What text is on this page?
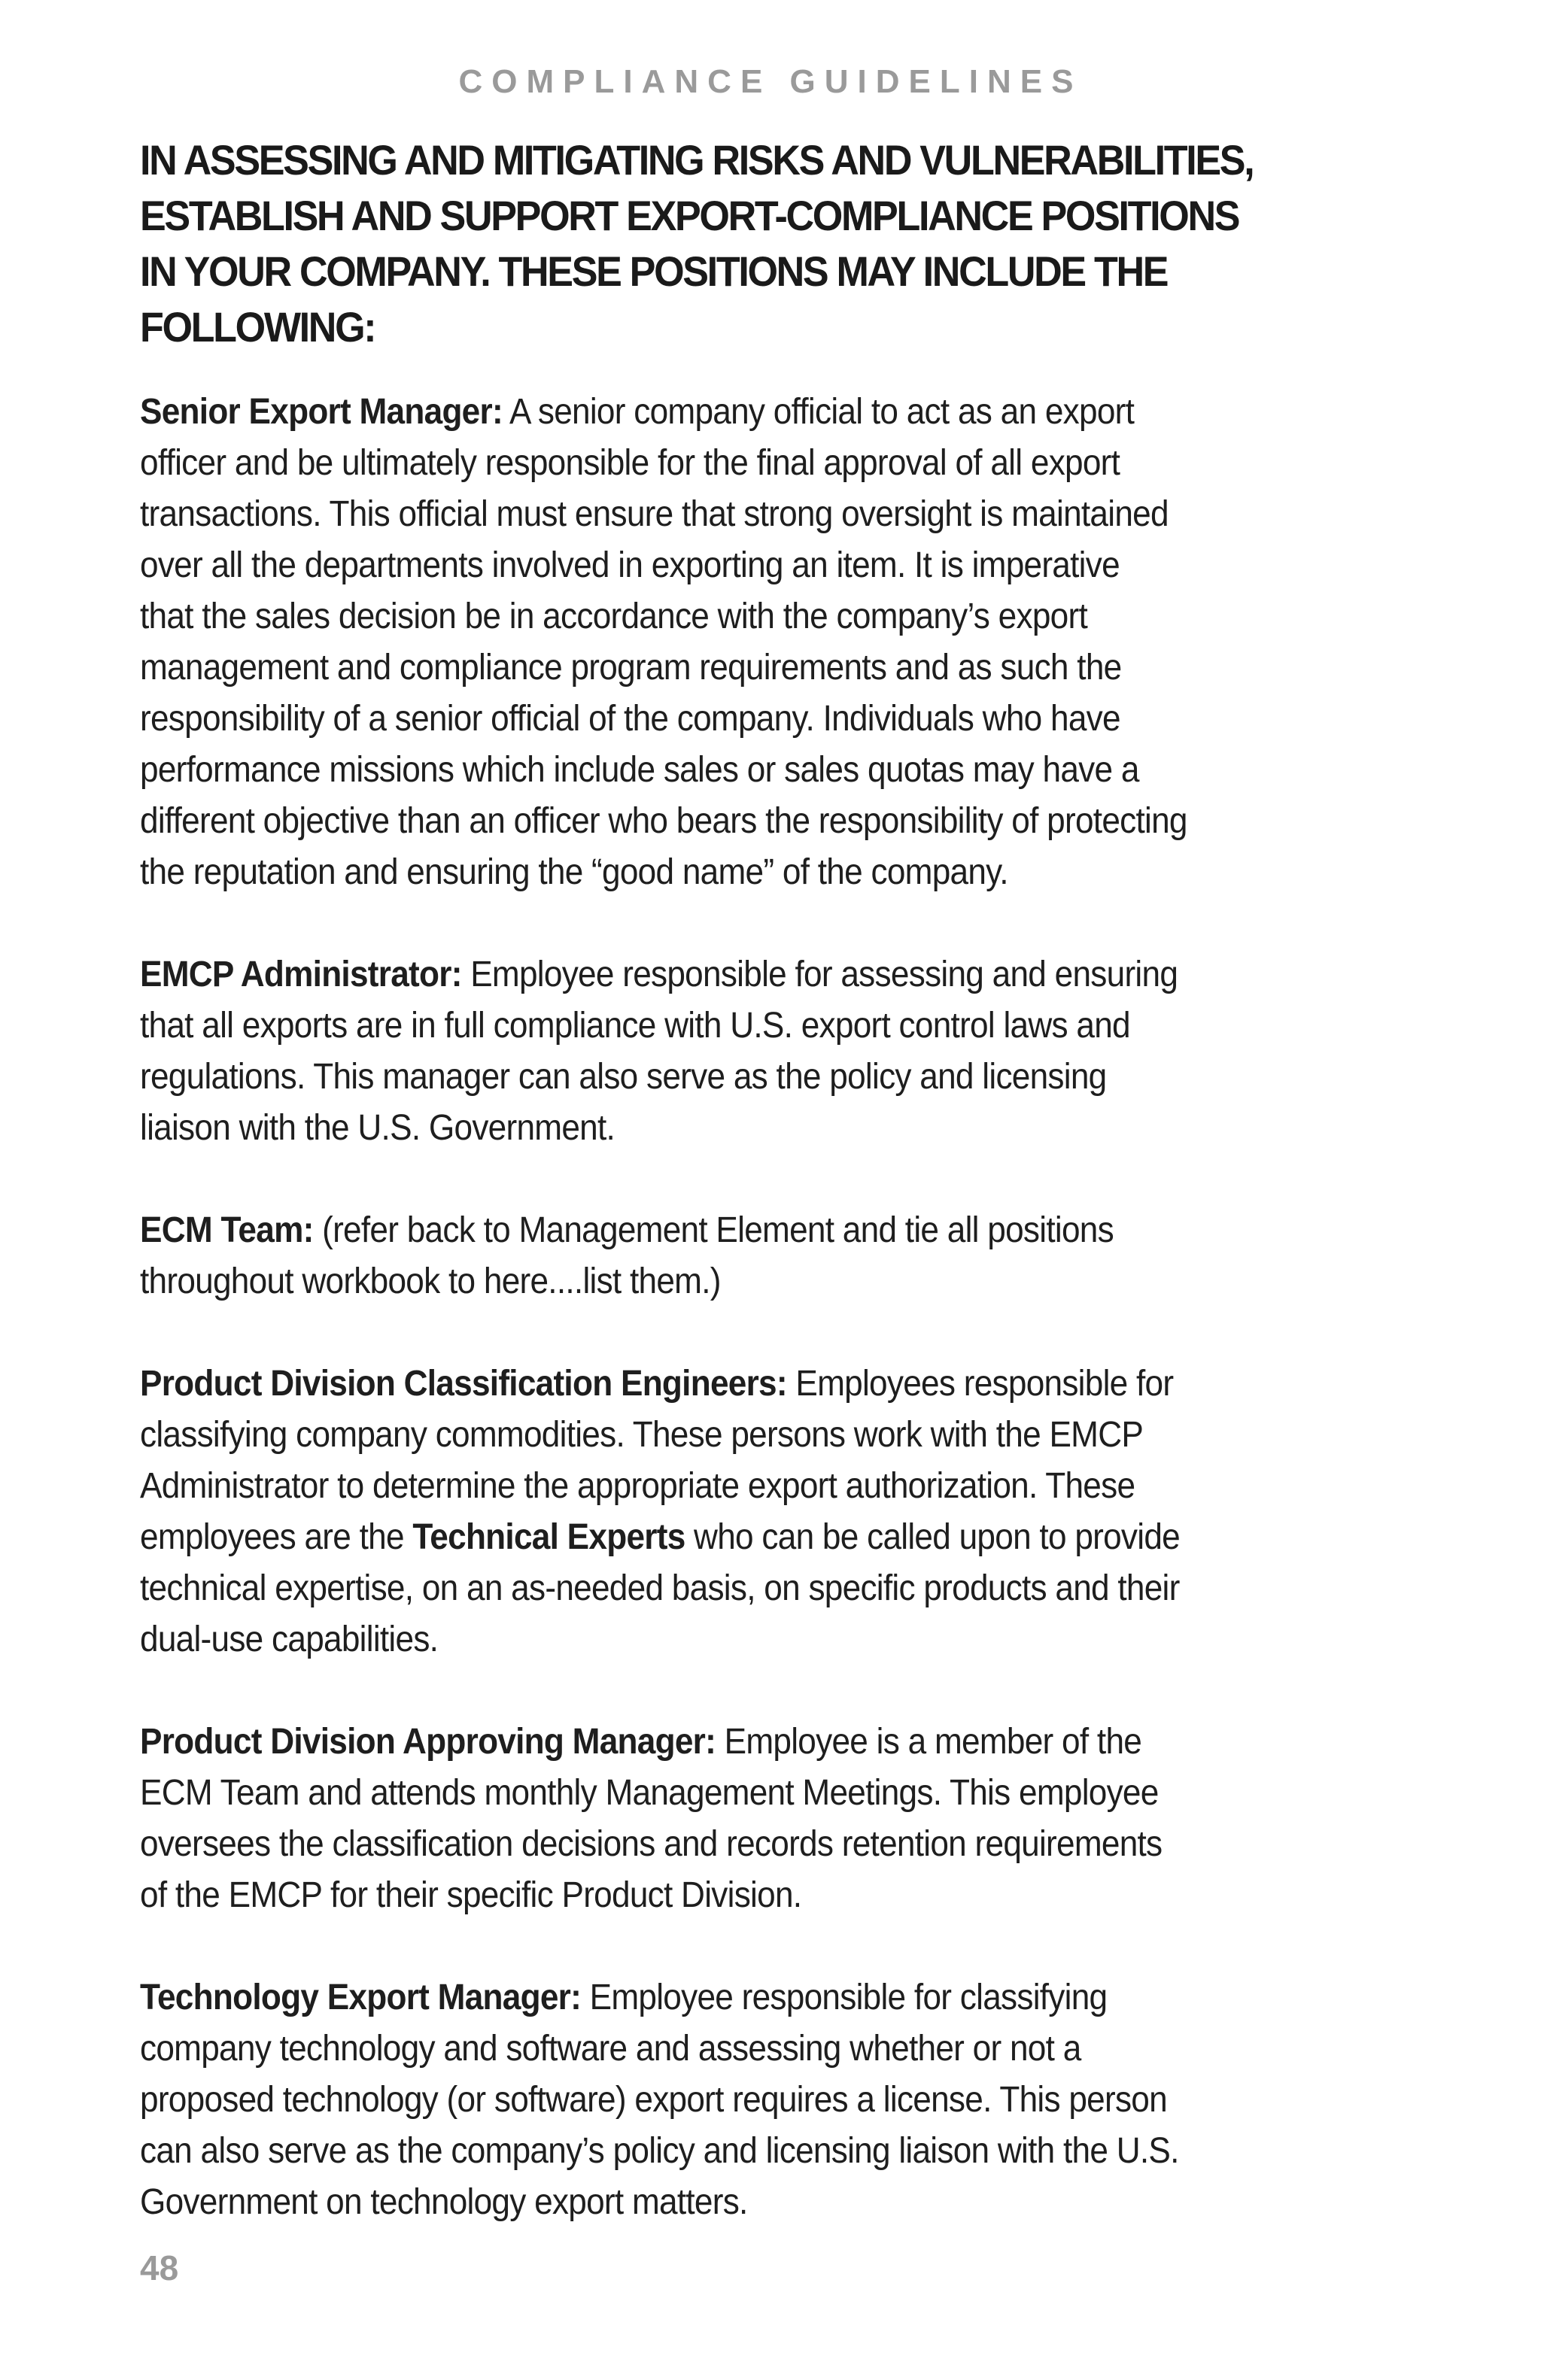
COMPLIANCE GUIDELINES
IN ASSESSING AND MITIGATING RISKS AND VULNERABILITIES,
ESTABLISH AND SUPPORT EXPORT-COMPLIANCE POSITIONS
IN YOUR COMPANY. THESE POSITIONS MAY INCLUDE THE
FOLLOWING:

Senior Export Manager: A senior company official to act as an export
officer and be ultimately responsible for the final approval of all export
transactions. This official must ensure that strong oversight is maintained
over all the departments involved in exporting an item. It is imperative
that the sales decision be in accordance with the company’s export
management and compliance program requirements and as such the
responsibility of a senior official of the company. Individuals who have
performance missions which include sales or sales quotas may have a
different objective than an officer who bears the responsibility of protecting
the reputation and ensuring the “good name” of the company.

EMCP Administrator: Employee responsible for assessing and ensuring
that all exports are in full compliance with U.S. export control laws and
regulations. This manager can also serve as the policy and licensing
liaison with the U.S. Government.

ECM Team: (refer back to Management Element and tie all positions
throughout workbook to here....list them.)

Product Division Classification Engineers: Employees responsible for
classifying company commodities. These persons work with the EMCP
Administrator to determine the appropriate export authorization. These
employees are the Technical Experts who can be called upon to provide
technical expertise, on an as-needed basis, on specific products and their
dual-use capabilities.

Product Division Approving Manager: Employee is a member of the
ECM Team and attends monthly Management Meetings. This employee
oversees the classification decisions and records retention requirements
of the EMCP for their specific Product Division.

Technology Export Manager: Employee responsible for classifying
company technology and software and assessing whether or not a
proposed technology (or software) export requires a license. This person
can also serve as the company’s policy and licensing liaison with the U.S.
Government on technology export matters.

48
